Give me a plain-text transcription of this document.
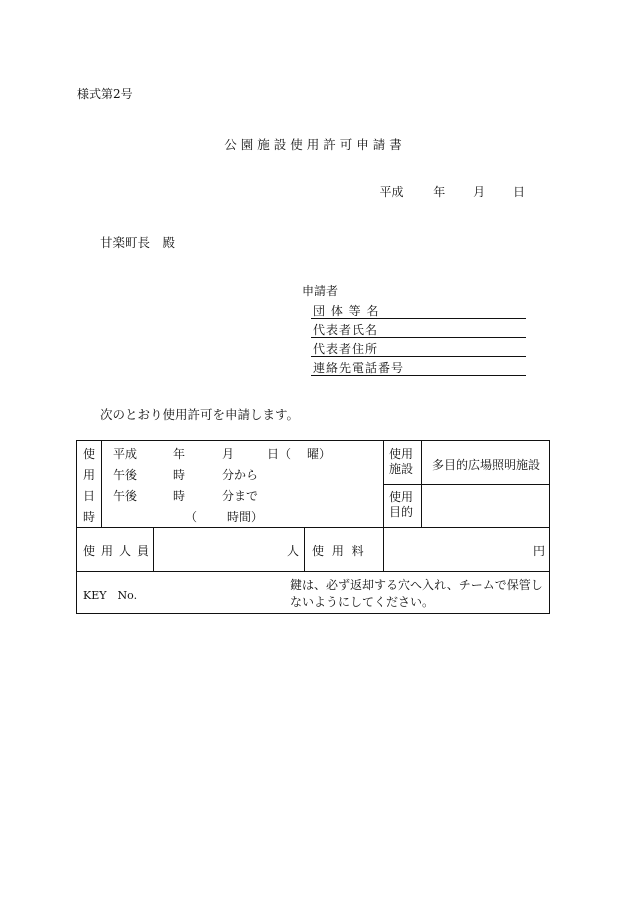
様式第2号
公園施設使用許可申請書
平成 年 月 日
甘楽町長　殿
申請者
団 体 等 名
代表者氏名
代表者住所
連絡先電話番号
次のとおり使用許可を申請します。
使
用
日
時
平成	年	月	日（ 曜）
午後	時	分から
午後	時	分まで
（ 時間）
使用施設 多目的広場照明施設
使用目的
使用人員	人 使 用 料	円
KEY　No.
鍵は、必ず返却する穴へ入れ、チームで保管しないようにしてください。
